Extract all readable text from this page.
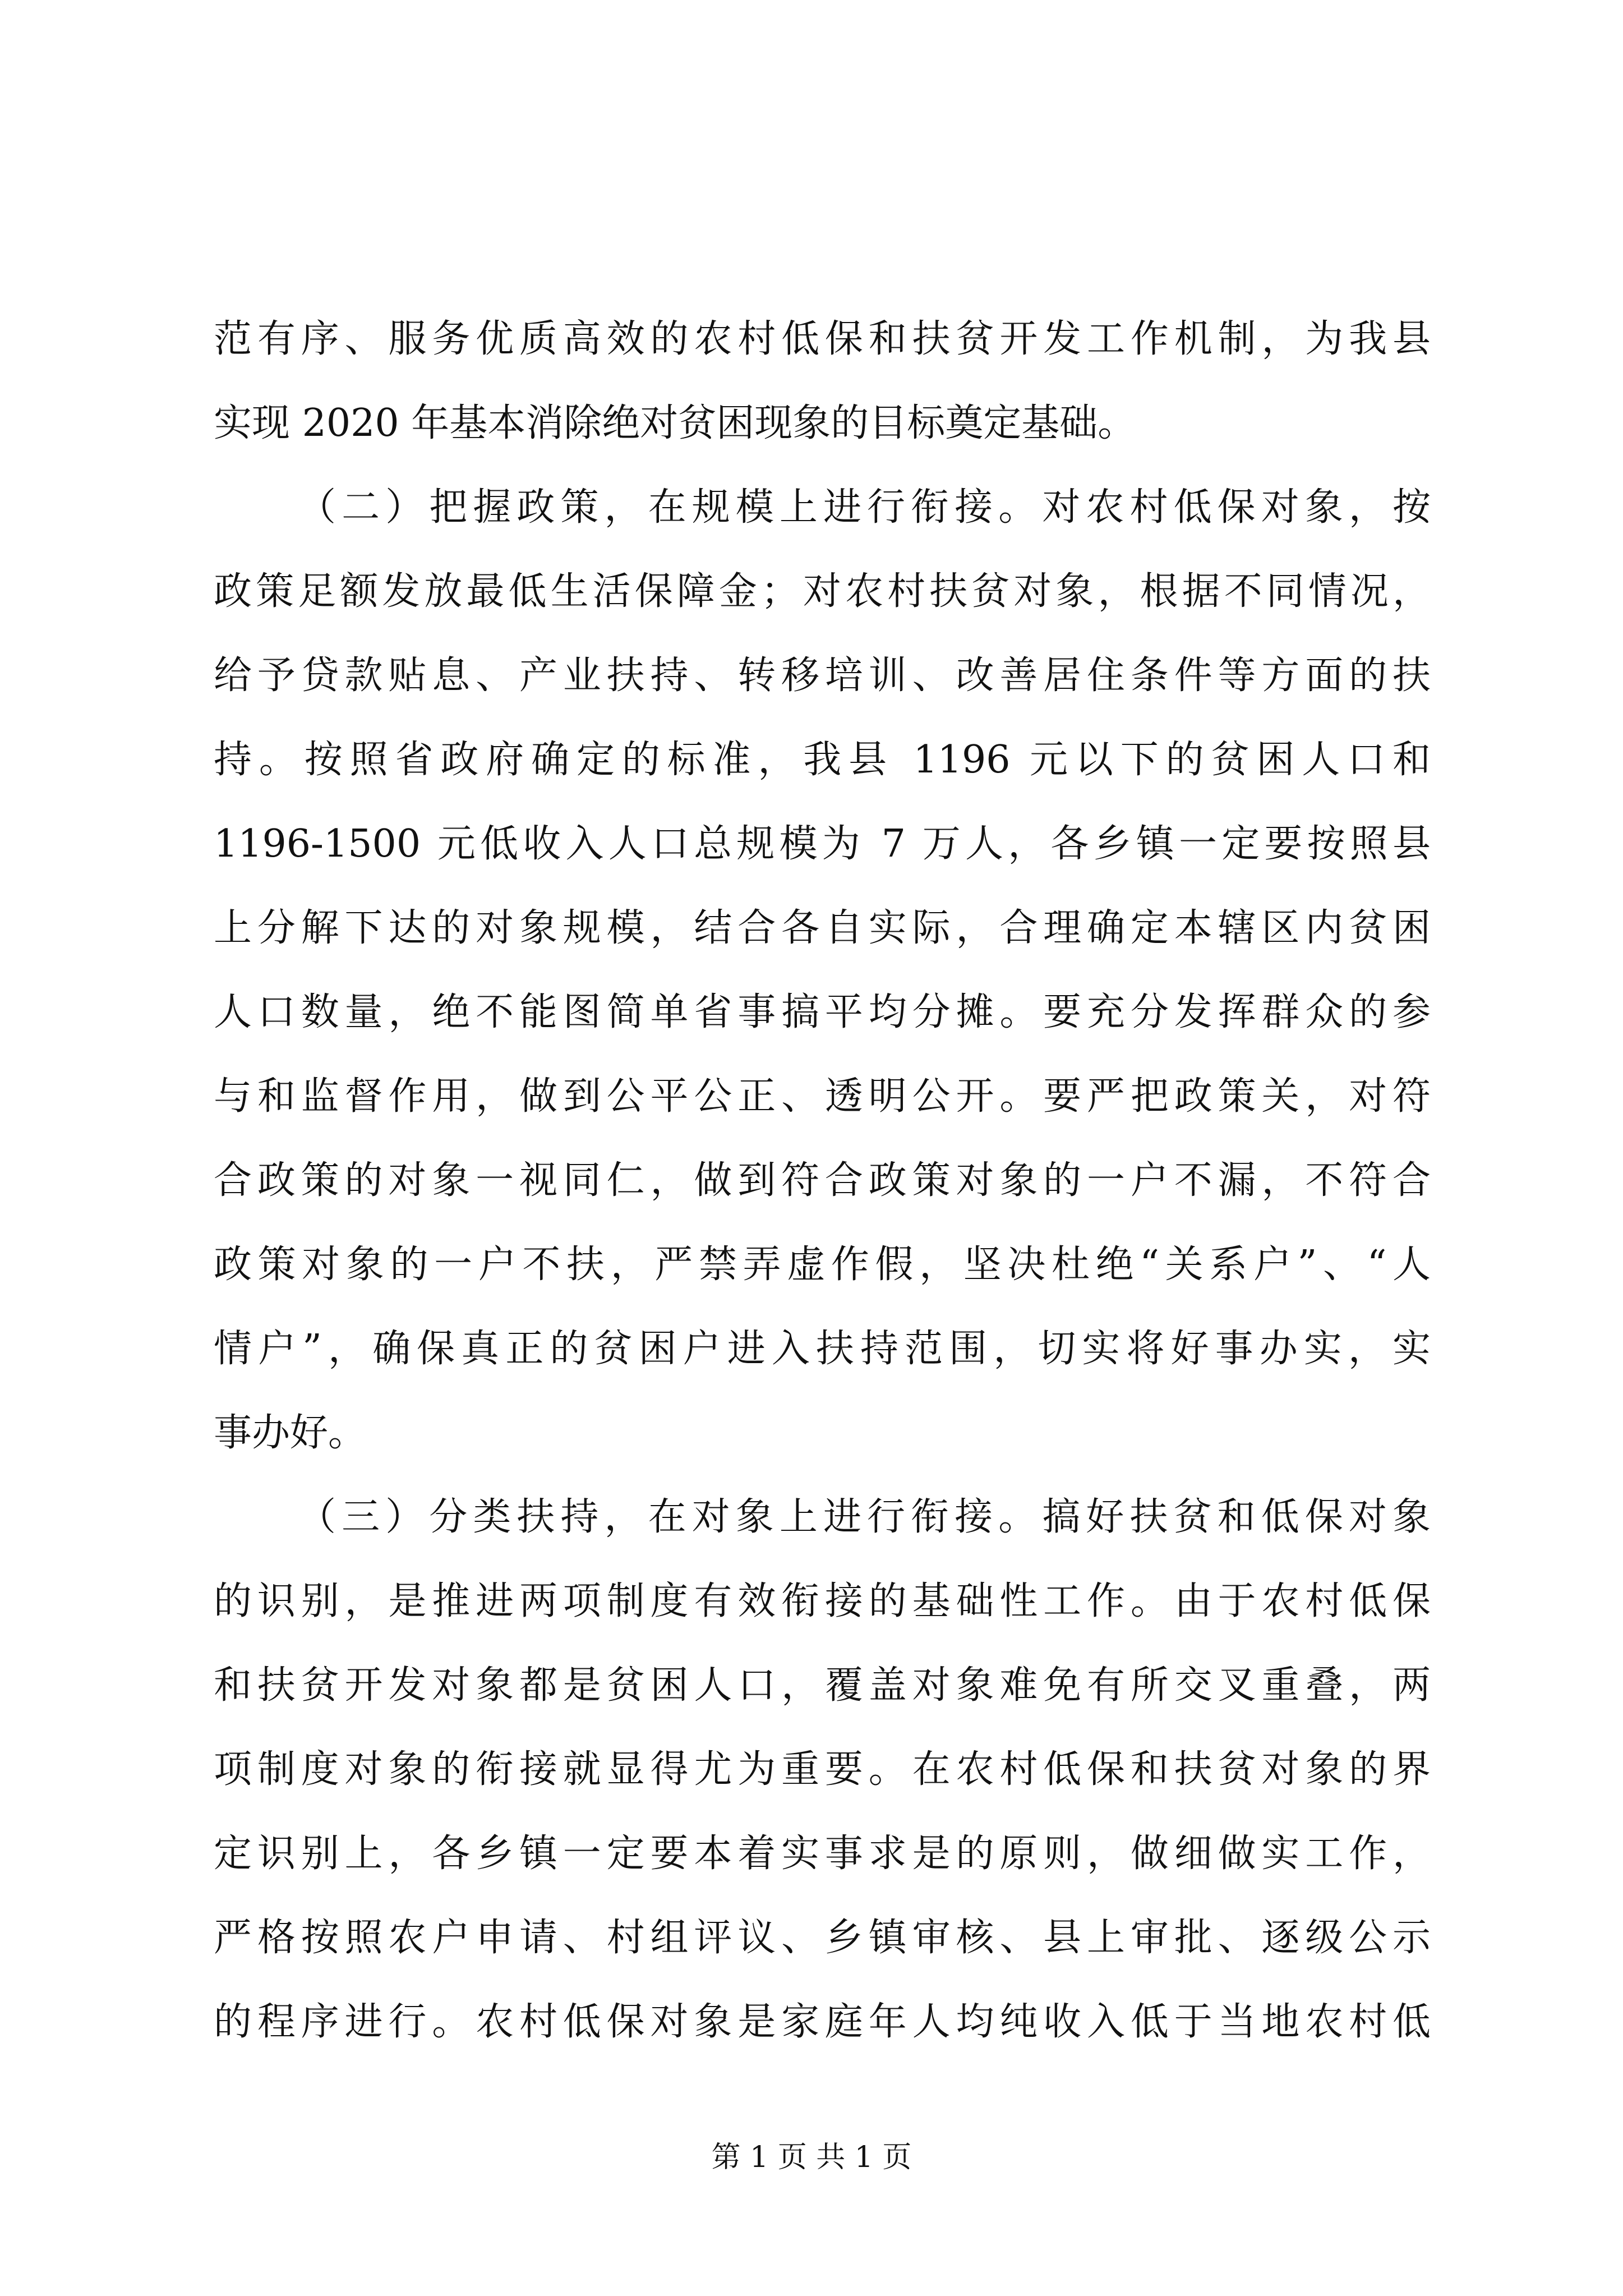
范有序、服务优质高效的农村低保和扶贫开发工作机制，为我县
实现 2020 年基本消除绝对贫困现象的目标奠定基础。
（二）把握政策，在规模上进行衔接。对农村低保对象，按
政策足额发放最低生活保障金；对农村扶贫对象，根据不同情况，
给予贷款贴息、产业扶持、转移培训、改善居住条件等方面的扶
持。按照省政府确定的标准，我县 1196 元以下的贫困人口和
1196-1500 元低收入人口总规模为 7 万人，各乡镇一定要按照县
上分解下达的对象规模，结合各自实际，合理确定本辖区内贫困
人口数量，绝不能图简单省事搞平均分摊。要充分发挥群众的参
与和监督作用，做到公平公正、透明公开。要严把政策关，对符
合政策的对象一视同仁，做到符合政策对象的一户不漏，不符合
政策对象的一户不扶，严禁弄虚作假，坚决杜绝“关系户”、“人
情户”，确保真正的贫困户进入扶持范围，切实将好事办实，实
事办好。
（三）分类扶持，在对象上进行衔接。搞好扶贫和低保对象
的识别，是推进两项制度有效衔接的基础性工作。由于农村低保
和扶贫开发对象都是贫困人口，覆盖对象难免有所交叉重叠，两
项制度对象的衔接就显得尤为重要。在农村低保和扶贫对象的界
定识别上，各乡镇一定要本着实事求是的原则，做细做实工作，
严格按照农户申请、村组评议、乡镇审核、县上审批、逐级公示
的程序进行。农村低保对象是家庭年人均纯收入低于当地农村低
第 1 页 共 1 页
